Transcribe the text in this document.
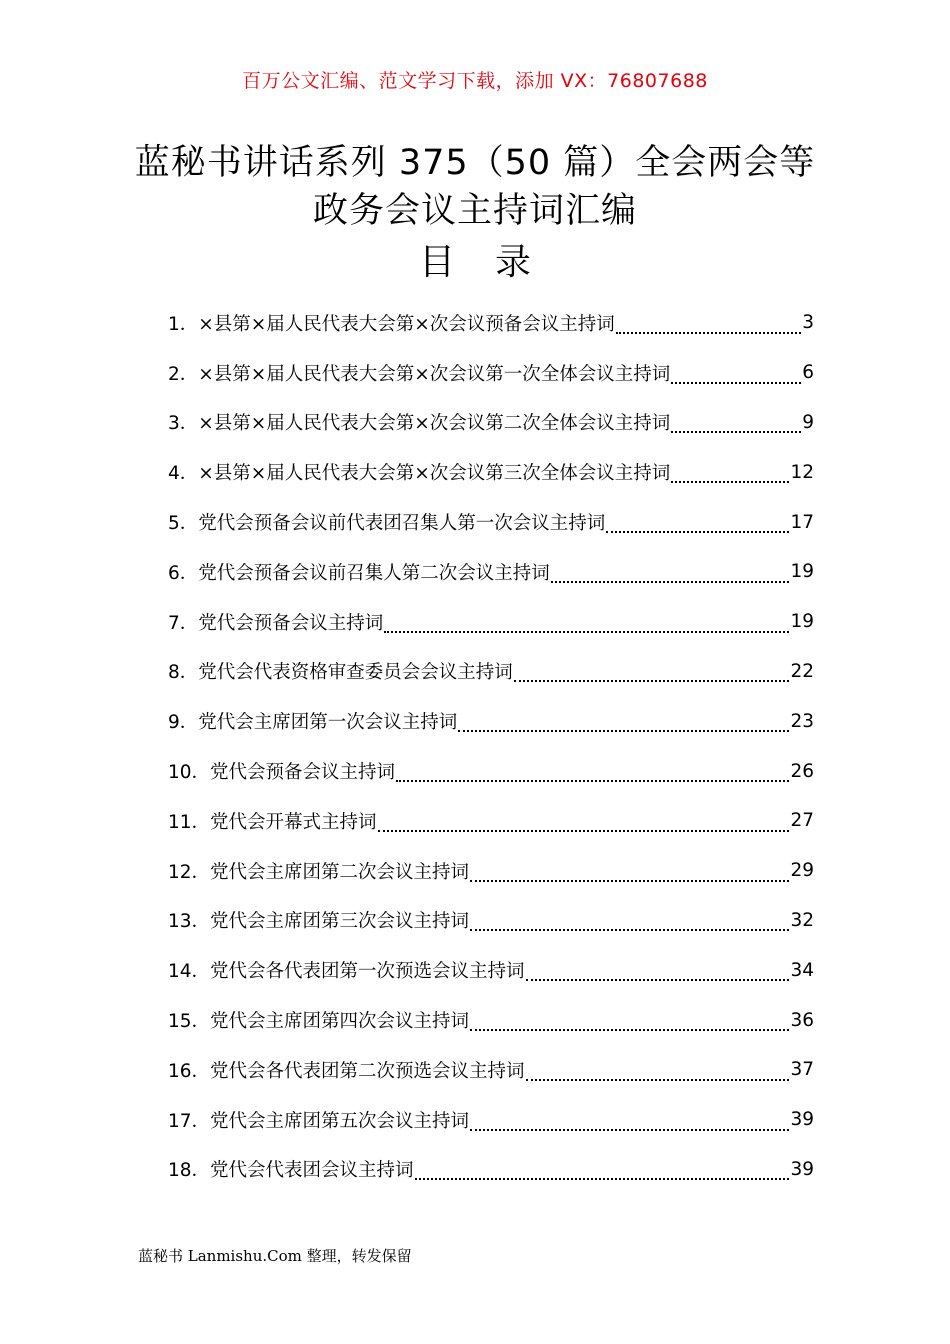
百万公文汇编、范文学习下载，添加 VX：76807688
蓝秘书讲话系列 375（50 篇）全会两会等
政务会议主持词汇编
目录
1． ×县第×届人民代表大会第×次会议预备会议主持词	3
2． ×县第×届人民代表大会第×次会议第一次全体会议主持词	6
3． ×县第×届人民代表大会第×次会议第二次全体会议主持词	9
4． ×县第×届人民代表大会第×次会议第三次全体会议主持词	12
5． 党代会预备会议前代表团召集人第一次会议主持词	17
6． 党代会预备会议前召集人第二次会议主持词	19
7． 党代会预备会议主持词	19
8． 党代会代表资格审查委员会会议主持词	22
9． 党代会主席团第一次会议主持词	23
10． 党代会预备会议主持词	26
11． 党代会开幕式主持词	27
12． 党代会主席团第二次会议主持词	29
13． 党代会主席团第三次会议主持词	32
14． 党代会各代表团第一次预选会议主持词	34
15． 党代会主席团第四次会议主持词	36
16． 党代会各代表团第二次预选会议主持词	37
17． 党代会主席团第五次会议主持词	39
18． 党代会代表团会议主持词	39
蓝秘书 Lanmishu.Com 整理，转发保留
